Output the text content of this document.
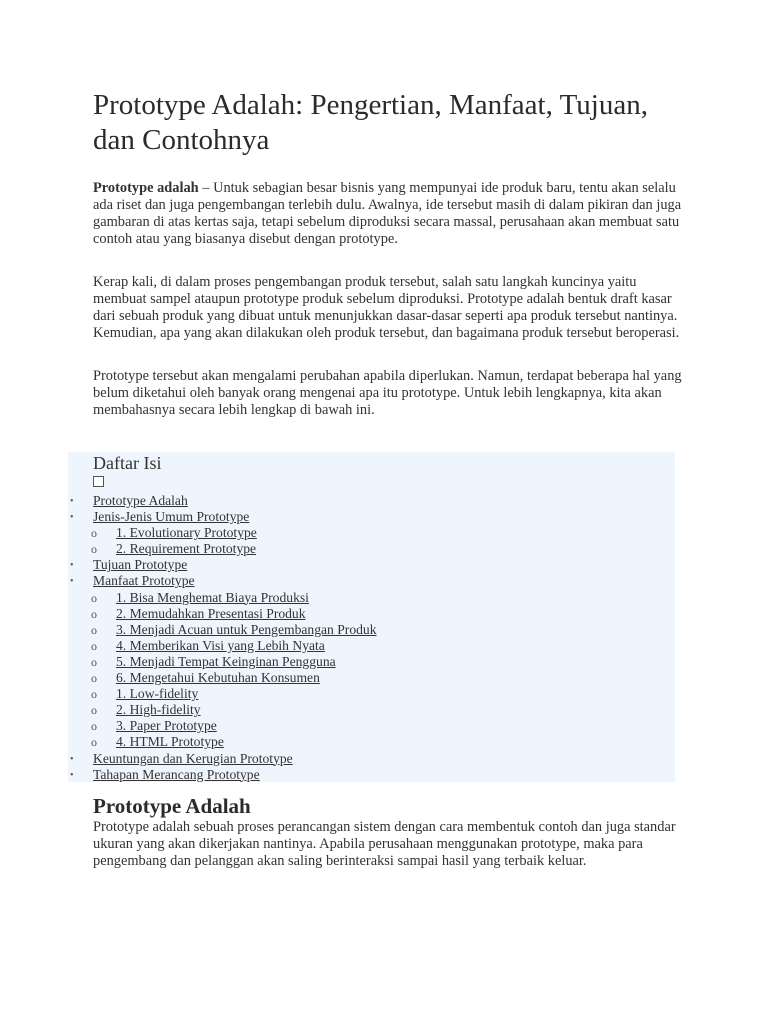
Prototype Adalah: Pengertian, Manfaat, Tujuan, dan Contohnya

Prototype adalah – Untuk sebagian besar bisnis yang mempunyai ide produk baru, tentu akan selalu ada riset dan juga pengembangan terlebih dulu. Awalnya, ide tersebut masih di dalam pikiran dan juga gambaran di atas kertas saja, tetapi sebelum diproduksi secara massal, perusahaan akan membuat satu contoh atau yang biasanya disebut dengan prototype.

Kerap kali, di dalam proses pengembangan produk tersebut, salah satu langkah kuncinya yaitu membuat sampel ataupun prototype produk sebelum diproduksi. Prototype adalah bentuk draft kasar dari sebuah produk yang dibuat untuk menunjukkan dasar-dasar seperti apa produk tersebut nantinya. Kemudian, apa yang akan dilakukan oleh produk tersebut, dan bagaimana produk tersebut beroperasi.

Prototype tersebut akan mengalami perubahan apabila diperlukan. Namun, terdapat beberapa hal yang belum diketahui oleh banyak orang mengenai apa itu prototype. Untuk lebih lengkapnya, kita akan membahasnya secara lebih lengkap di bawah ini.

Daftar Isi
• Prototype Adalah
• Jenis-Jenis Umum Prototype
o 1. Evolutionary Prototype
o 2. Requirement Prototype
• Tujuan Prototype
• Manfaat Prototype
o 1. Bisa Menghemat Biaya Produksi
o 2. Memudahkan Presentasi Produk
o 3. Menjadi Acuan untuk Pengembangan Produk
o 4. Memberikan Visi yang Lebih Nyata
o 5. Menjadi Tempat Keinginan Pengguna
o 6. Mengetahui Kebutuhan Konsumen
o 1. Low-fidelity
o 2. High-fidelity
o 3. Paper Prototype
o 4. HTML Prototype
• Keuntungan dan Kerugian Prototype
• Tahapan Merancang Prototype
Prototype Adalah

Prototype adalah sebuah proses perancangan sistem dengan cara membentuk contoh dan juga standar ukuran yang akan dikerjakan nantinya. Apabila perusahaan menggunakan prototype, maka para pengembang dan pelanggan akan saling berinteraksi sampai hasil yang terbaik keluar.
